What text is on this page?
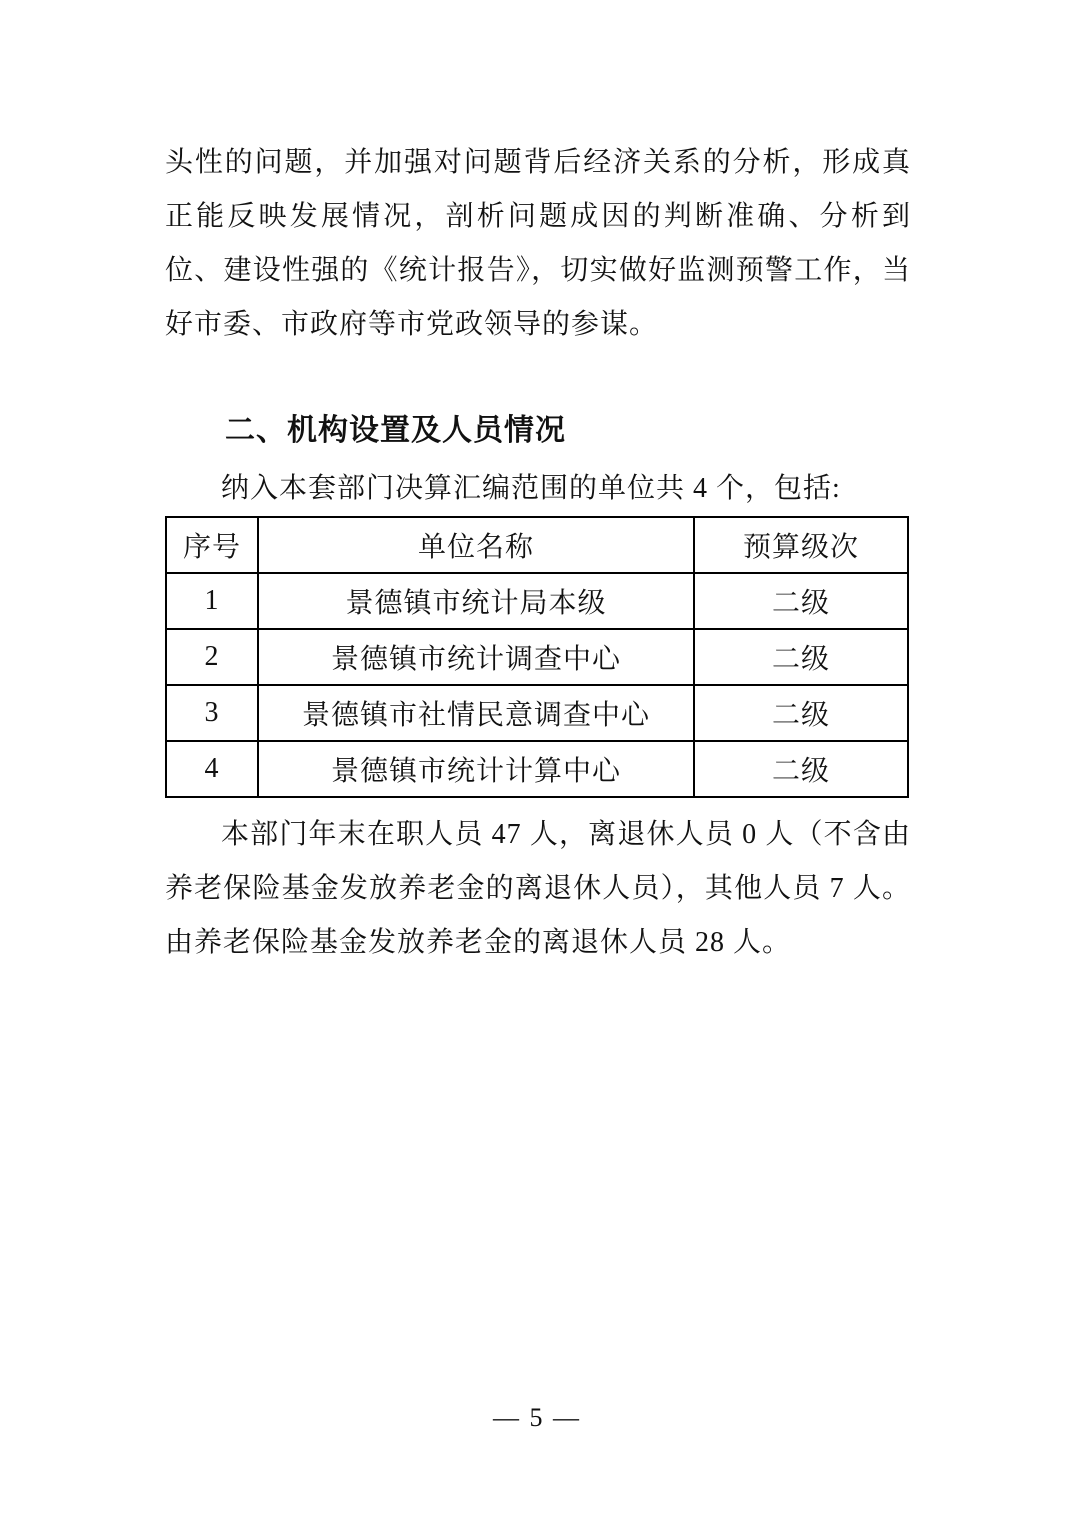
头性的问题，并加强对问题背后经济关系的分析，形成真正能反映发展情况，剖析问题成因的判断准确、分析到位、建设性强的《统计报告》，切实做好监测预警工作，当好市委、市政府等市党政领导的参谋。

二、机构设置及人员情况

纳入本套部门决算汇编范围的单位共 4 个，包括:

序号	单位名称	预算级次
1	景德镇市统计局本级	二级
2	景德镇市统计调查中心	二级
3	景德镇市社情民意调查中心	二级
4	景德镇市统计计算中心	二级

本部门年末在职人员 47 人，离退休人员 0 人（不含由养老保险基金发放养老金的离退休人员），其他人员 7 人。由养老保险基金发放养老金的离退休人员 28 人。

— 5 —
